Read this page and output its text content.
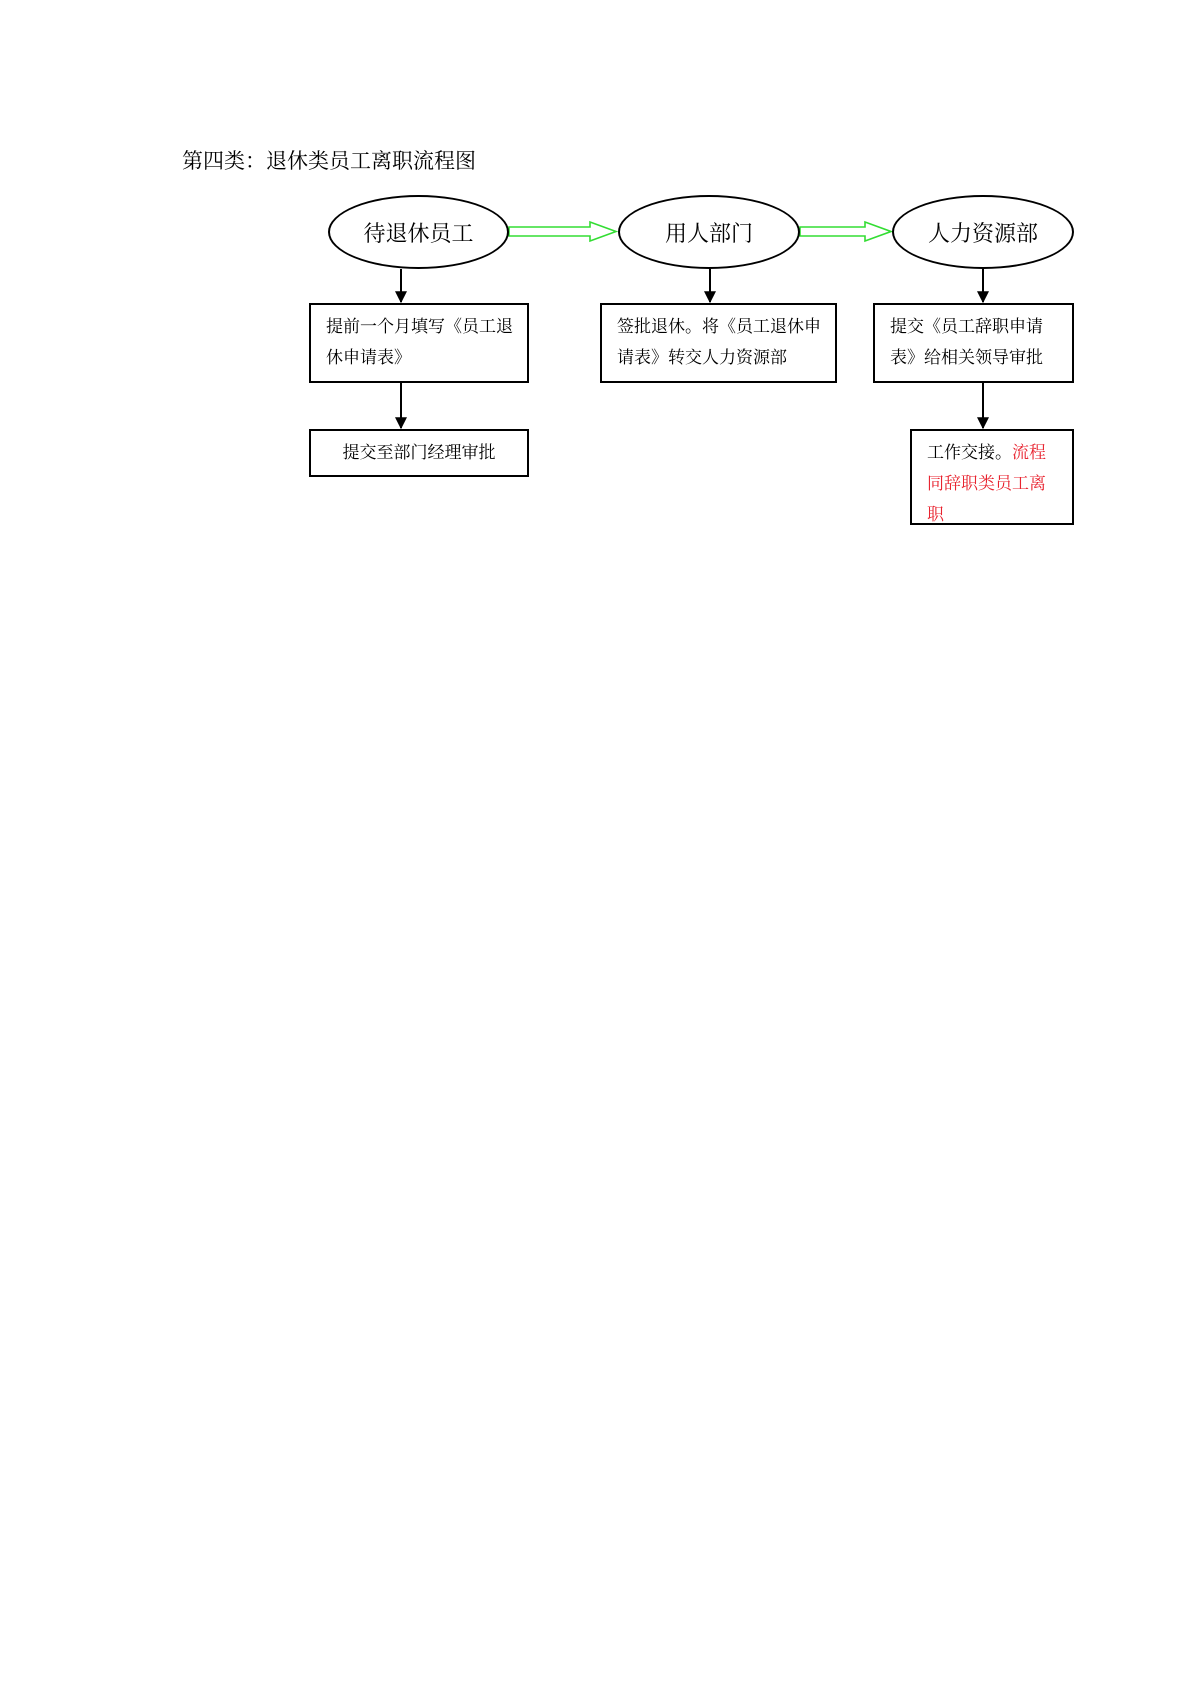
第四类：退休类员工离职流程图
待退休员工	用人部门	人力资源部
提前一个月填写《员工退休申请表》
提交至部门经理审批
签批退休。将《员工退休申请表》转交人力资源部
提交《员工辞职申请表》给相关领导审批
工作交接。流程同辞职类员工离职
